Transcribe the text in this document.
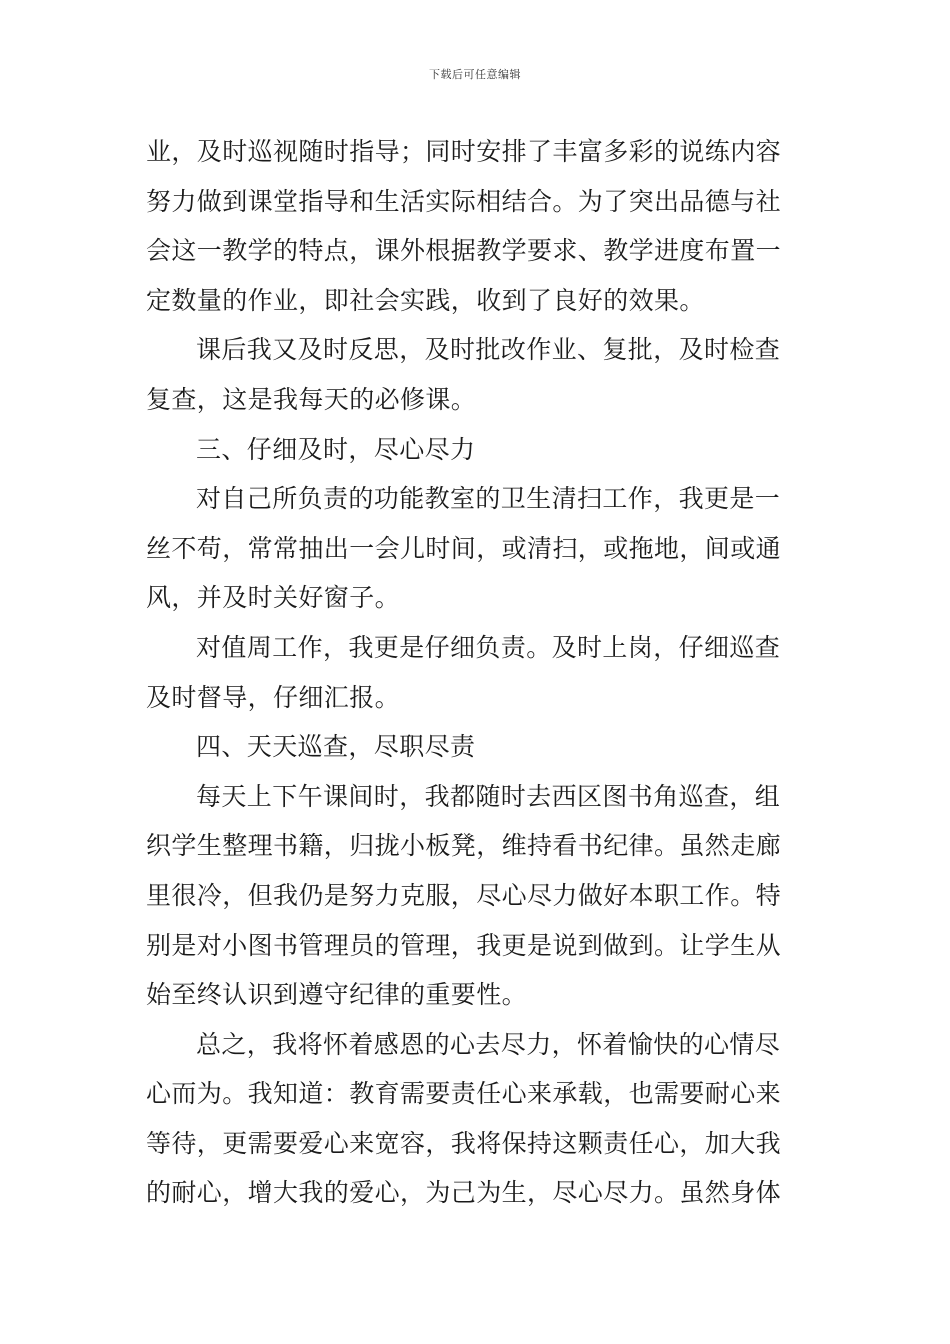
下载后可任意编辑
业，及时巡视随时指导；同时安排了丰富多彩的说练内容
努力做到课堂指导和生活实际相结合。为了突出品德与社
会这一教学的特点，课外根据教学要求、教学进度布置一
定数量的作业，即社会实践，收到了良好的效果。
课后我又及时反思，及时批改作业、复批，及时检查
复查，这是我每天的必修课。
三、仔细及时，尽心尽力
对自己所负责的功能教室的卫生清扫工作，我更是一
丝不苟，常常抽出一会儿时间，或清扫，或拖地，间或通
风，并及时关好窗子。
对值周工作，我更是仔细负责。及时上岗，仔细巡查
及时督导，仔细汇报。
四、天天巡查，尽职尽责
每天上下午课间时，我都随时去西区图书角巡查，组
织学生整理书籍，归拢小板凳，维持看书纪律。虽然走廊
里很冷，但我仍是努力克服，尽心尽力做好本职工作。特
别是对小图书管理员的管理，我更是说到做到。让学生从
始至终认识到遵守纪律的重要性。
总之，我将怀着感恩的心去尽力，怀着愉快的心情尽
心而为。我知道：教育需要责任心来承载，也需要耐心来
等待，更需要爱心来宽容，我将保持这颗责任心，加大我
的耐心，增大我的爱心，为己为生，尽心尽力。虽然身体
